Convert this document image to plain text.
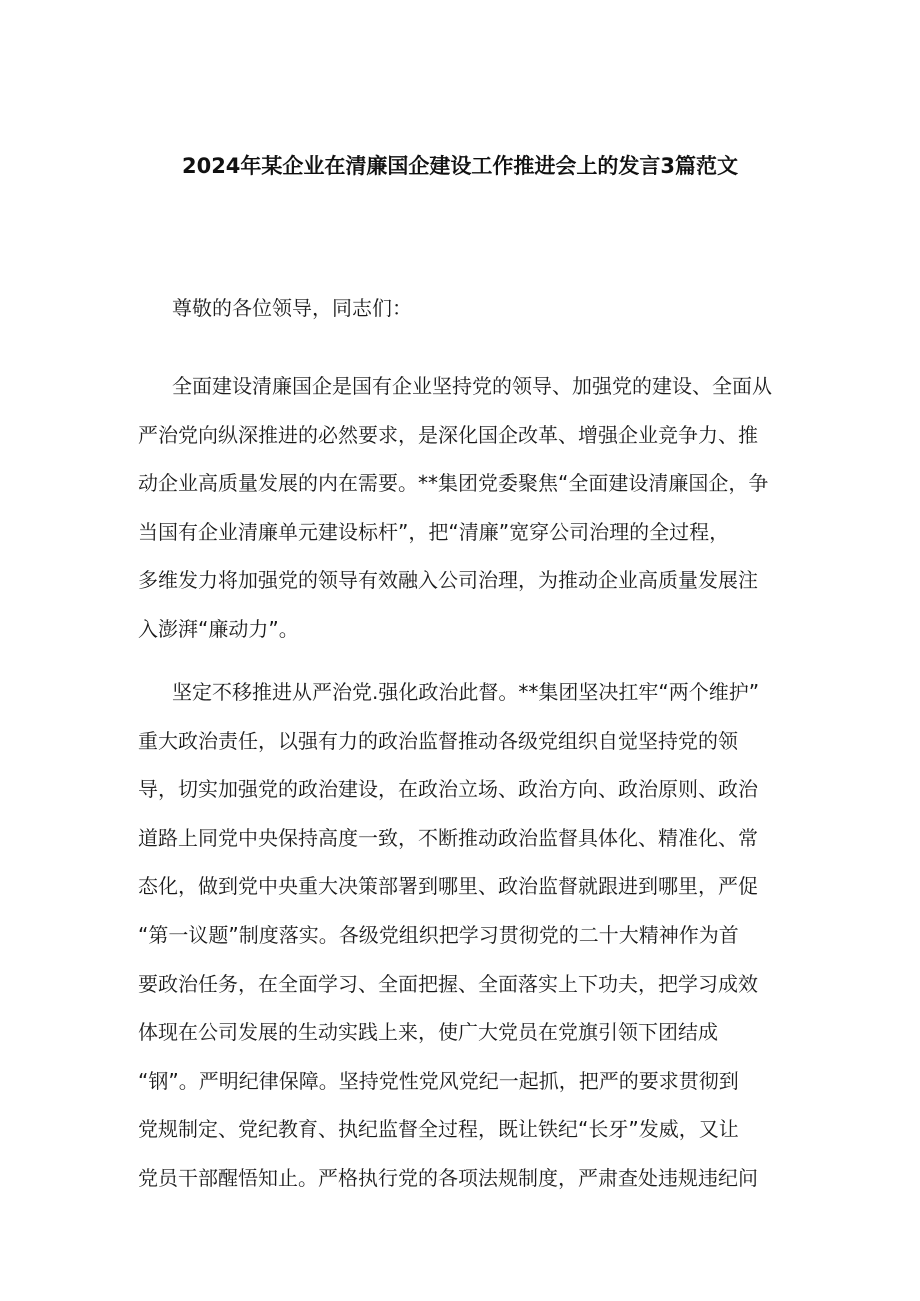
2024年某企业在清廉国企建设工作推进会上的发言3篇范文
尊敬的各位领导，同志们：
全面建设清廉国企是国有企业坚持党的领导、加强党的建设、全面从
严治党向纵深推进的必然要求，是深化国企改革、增强企业竞争力、推
动企业高质量发展的内在需要。**集团党委聚焦“全面建设清廉国企，争
当国有企业清廉单元建设标杆”，把“清廉”宽穿公司治理的全过程，
多维发力将加强党的领导有效融入公司治理，为推动企业高质量发展注
入澎湃“廉动力”。
坚定不移推进从严治党.强化政治此督。**集团坚决扛牢“两个维护”
重大政治责任，以强有力的政治监督推动各级党组织自觉坚持党的领
导，切实加强党的政治建设，在政治立场、政治方向、政治原则、政治
道路上同党中央保持高度一致，不断推动政治监督具体化、精准化、常
态化，做到党中央重大决策部署到哪里、政治监督就跟进到哪里，严促
“第一议题”制度落实。各级党组织把学习贯彻党的二十大精神作为首
要政治任务，在全面学习、全面把握、全面落实上下功夫，把学习成效
体现在公司发展的生动实践上来，使广大党员在党旗引领下团结成
“钢”。严明纪律保障。坚持党性党风党纪一起抓，把严的要求贯彻到
党规制定、党纪教育、执纪监督全过程，既让铁纪“长牙”发威，又让
党员干部醒悟知止。严格执行党的各项法规制度，严肃查处违规违纪问
